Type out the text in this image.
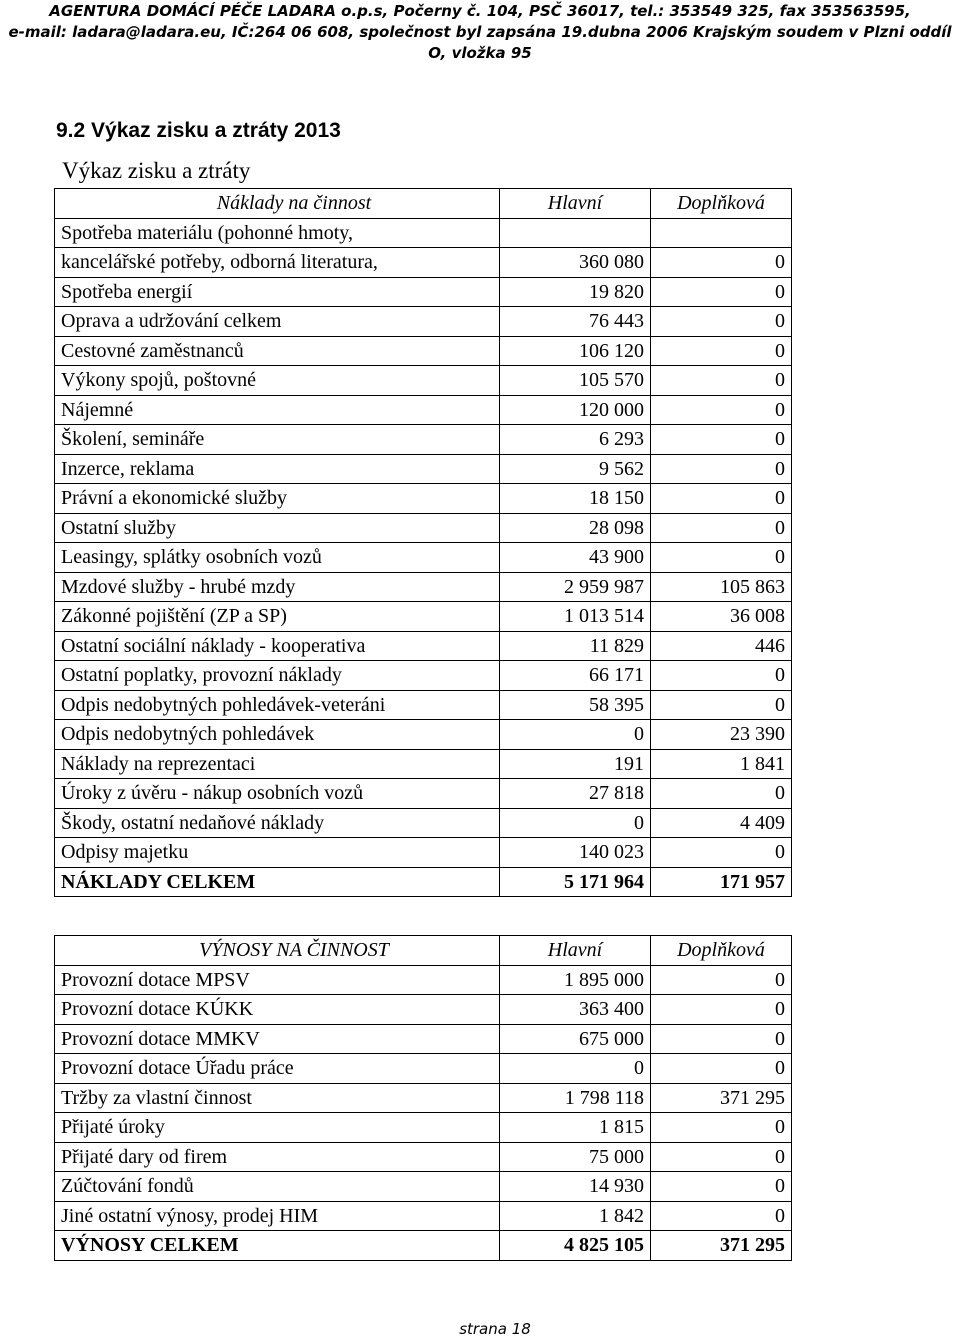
AGENTURA DOMÁCÍ PÉČE LADARA o.p.s, Počerny č. 104, PSČ 36017, tel.: 353549 325, fax 353563595,
e-mail: ladara@ladara.eu, IČ:264 06 608, společnost byl zapsána 19.dubna 2006 Krajským soudem v Plzni oddíl O, vložka 95
9.2 Výkaz zisku a ztráty 2013
Výkaz zisku a ztráty
Náklady na činnost	Hlavní	Doplňková
Spotřeba materiálu (pohonné hmoty,		
kancelářské potřeby, odborná literatura,	360 080	0
Spotřeba energií	19 820	0
Oprava a udržování celkem	76 443	0
Cestovné zaměstnanců	106 120	0
Výkony spojů, poštovné	105 570	0
Nájemné	120 000	0
Školení, semináře	6 293	0
Inzerce, reklama	9 562	0
Právní a ekonomické služby	18 150	0
Ostatní služby	28 098	0
Leasingy, splátky osobních vozů	43 900	0
Mzdové služby - hrubé mzdy	2 959 987	105 863
Zákonné pojištění (ZP a SP)	1 013 514	36 008
Ostatní sociální náklady - kooperativa	11 829	446
Ostatní poplatky, provozní náklady	66 171	0
Odpis nedobytných pohledávek-veteráni	58 395	0
Odpis nedobytných pohledávek	0	23 390
Náklady na reprezentaci	191	1 841
Úroky z úvěru - nákup osobních vozů	27 818	0
Škody, ostatní nedaňové náklady	0	4 409
Odpisy majetku	140 023	0
NÁKLADY CELKEM	5 171 964	171 957
VÝNOSY NA ČINNOST	Hlavní	Doplňková
Provozní dotace MPSV	1 895 000	0
Provozní dotace KÚKK	363 400	0
Provozní dotace MMKV	675 000	0
Provozní dotace Úřadu práce	0	0
Tržby za vlastní činnost	1 798 118	371 295
Přijaté úroky	1 815	0
Přijaté dary od firem	75 000	0
Zúčtování fondů	14 930	0
Jiné ostatní výnosy, prodej HIM	1 842	0
VÝNOSY CELKEM	4 825 105	371 295
strana 18
